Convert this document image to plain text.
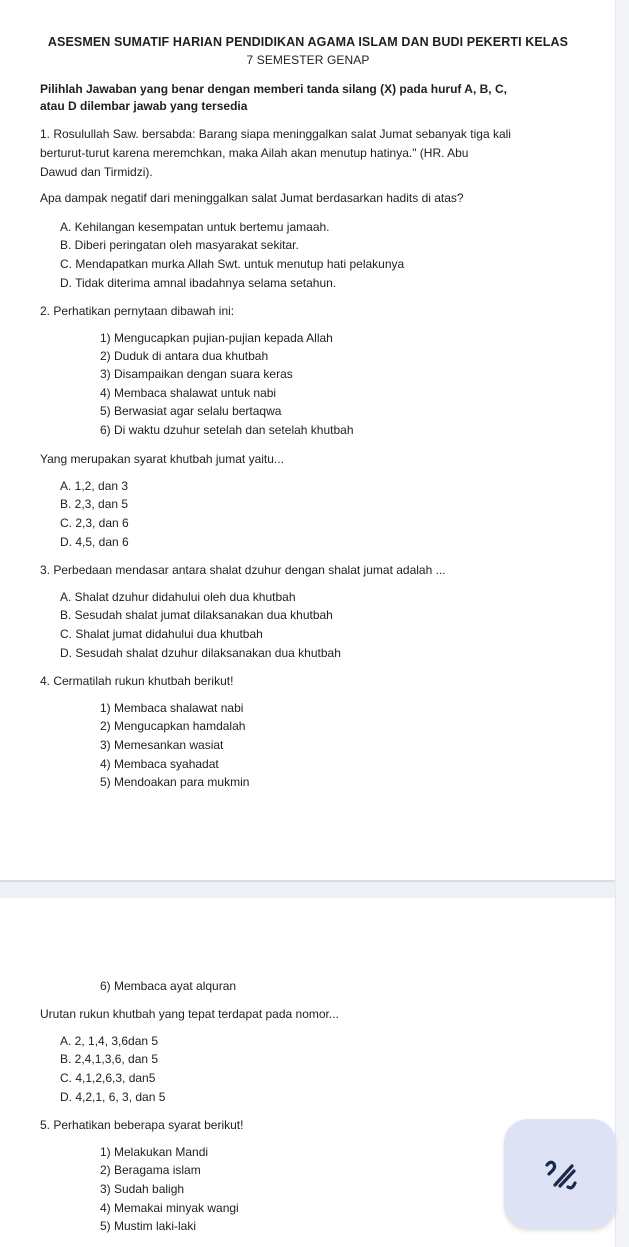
ASESMEN SUMATIF HARIAN PENDIDIKAN AGAMA ISLAM DAN BUDI PEKERTI KELAS
7 SEMESTER GENAP
Pilihlah Jawaban yang benar dengan memberi tanda silang (X) pada huruf A, B, C,
atau D dilembar jawab yang tersedia
1. Rosulullah Saw. bersabda: Barang siapa meninggalkan salat Jumat sebanyak tiga kali
berturut-turut karena meremchkan, maka Ailah akan menutup hatinya." (HR. Abu
Dawud dan Tirmidzi).
Apa dampak negatif dari meninggalkan salat Jumat berdasarkan hadits di atas?
A. Kehilangan kesempatan untuk bertemu jamaah.
B. Diberi peringatan oleh masyarakat sekitar.
C. Mendapatkan murka Allah Swt. untuk menutup hati pelakunya
D. Tidak diterima amnal ibadahnya selama setahun.
2. Perhatikan pernytaan dibawah ini:
1) Mengucapkan pujian-pujian kepada Allah
2) Duduk di antara dua khutbah
3) Disampaikan dengan suara keras
4) Membaca shalawat untuk nabi
5) Berwasiat agar selalu bertaqwa
6) Di waktu dzuhur setelah dan setelah khutbah
Yang merupakan syarat khutbah jumat yaitu...
A. 1,2, dan 3
B. 2,3, dan 5
C. 2,3, dan 6
D. 4,5, dan 6
3. Perbedaan mendasar antara shalat dzuhur dengan shalat jumat adalah ...
A. Shalat dzuhur didahului oleh dua khutbah
B. Sesudah shalat jumat dilaksanakan dua khutbah
C. Shalat jumat didahului dua khutbah
D. Sesudah shalat dzuhur dilaksanakan dua khutbah
4. Cermatilah rukun khutbah berikut!
1) Membaca shalawat nabi
2) Mengucapkan hamdalah
3) Memesankan wasiat
4) Membaca syahadat
5) Mendoakan para mukmin
6) Membaca ayat alquran
Urutan rukun khutbah yang tepat terdapat pada nomor...
A. 2, 1,4, 3,6dan 5
B. 2,4,1,3,6, dan 5
C. 4,1,2,6,3, dan5
D. 4,2,1, 6, 3, dan 5
5. Perhatikan beberapa syarat berikut!
1) Melakukan Mandi
2) Beragama islam
3) Sudah baligh
4) Memakai minyak wangi
5) Mustim laki-laki
